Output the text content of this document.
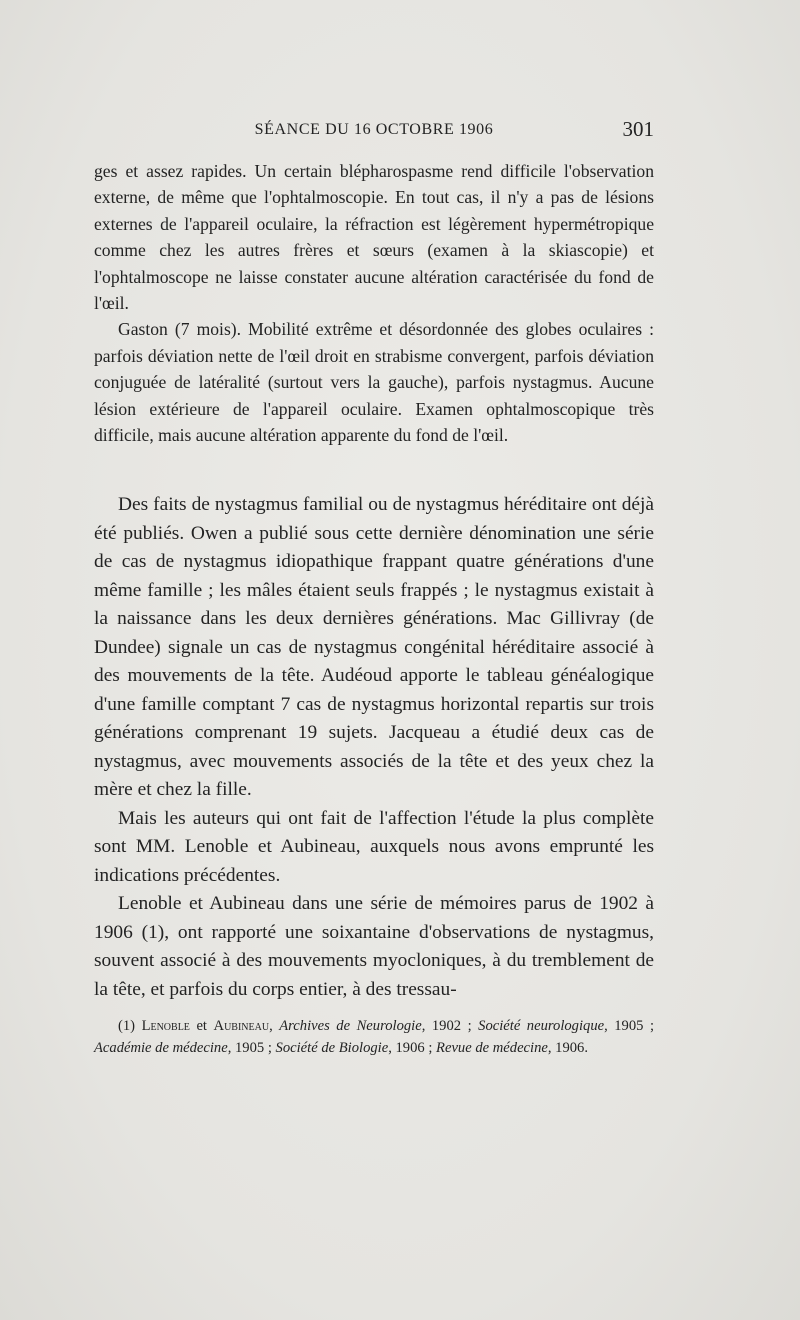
SÉANCE DU 16 OCTOBRE 1906	301

ges et assez rapides. Un certain blépharospasme rend difficile l'observation externe, de même que l'ophtalmoscopie. En tout cas, il n'y a pas de lésions externes de l'appareil oculaire, la réfraction est légèrement hypermétropique comme chez les autres frères et sœurs (examen à la skiascopie) et l'ophtalmoscope ne laisse constater aucune altération caractérisée du fond de l'œil.

Gaston (7 mois). Mobilité extrême et désordonnée des globes oculaires : parfois déviation nette de l'œil droit en strabisme convergent, parfois déviation conjuguée de latéralité (surtout vers la gauche), parfois nystagmus. Aucune lésion extérieure de l'appareil oculaire. Examen ophtalmoscopique très difficile, mais aucune altération apparente du fond de l'œil.

Des faits de nystagmus familial ou de nystagmus héréditaire ont déjà été publiés. Owen a publié sous cette dernière dénomination une série de cas de nystagmus idiopathique frappant quatre générations d'une même famille ; les mâles étaient seuls frappés ; le nystagmus existait à la naissance dans les deux dernières générations. Mac Gillivray (de Dundee) signale un cas de nystagmus congénital héréditaire associé à des mouvements de la tête. Audéoud apporte le tableau généalogique d'une famille comptant 7 cas de nystagmus horizontal repartis sur trois générations comprenant 19 sujets. Jacqueau a étudié deux cas de nystagmus, avec mouvements associés de la tête et des yeux chez la mère et chez la fille.

Mais les auteurs qui ont fait de l'affection l'étude la plus complète sont MM. Lenoble et Aubineau, auxquels nous avons emprunté les indications précédentes.

Lenoble et Aubineau dans une série de mémoires parus de 1902 à 1906 (1), ont rapporté une soixantaine d'observations de nystagmus, souvent associé à des mouvements myocloniques, à du tremblement de la tête, et parfois du corps entier, à des tressau-

(1) Lenoble et Aubineau, Archives de Neurologie, 1902 ; Société neurologique, 1905 ; Académie de médecine, 1905 ; Société de Biologie, 1906 ; Revue de médecine, 1906.
